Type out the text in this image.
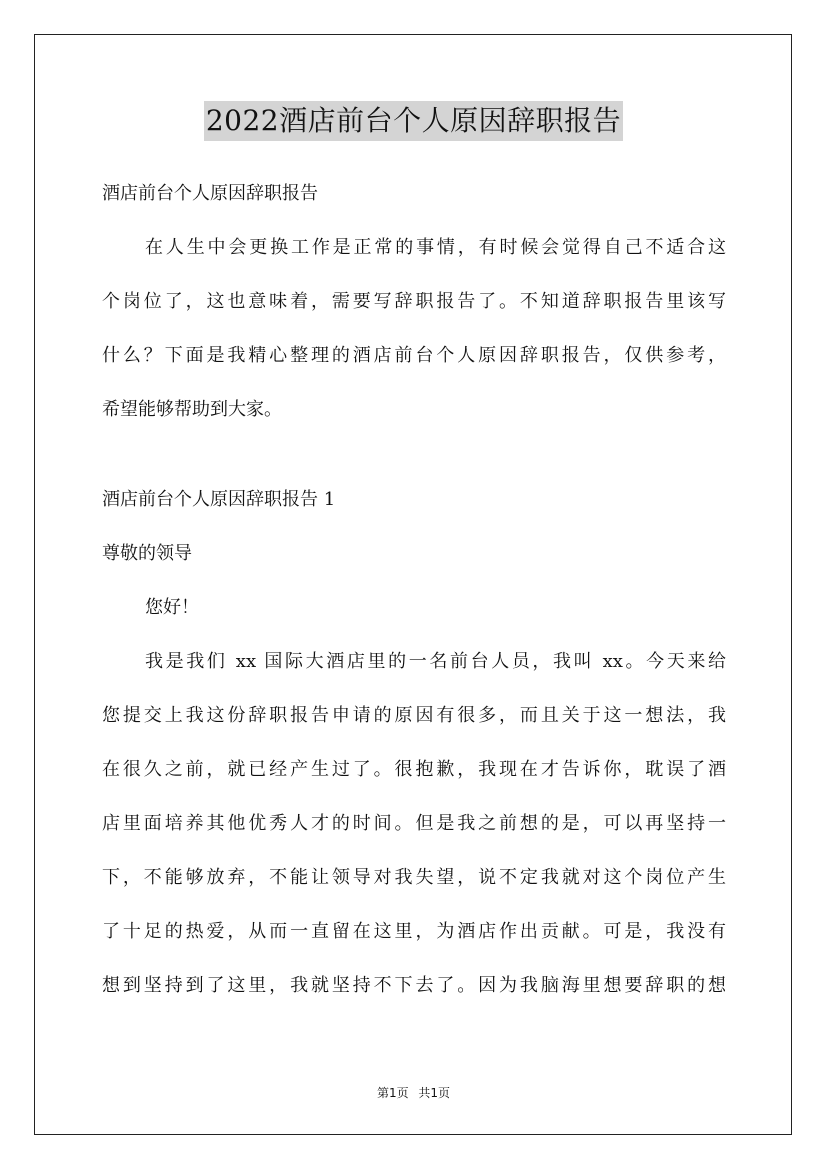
2022酒店前台个人原因辞职报告
酒店前台个人原因辞职报告
在人生中会更换工作是正常的事情，有时候会觉得自己不适合这
个岗位了，这也意味着，需要写辞职报告了。不知道辞职报告里该写
什么？下面是我精心整理的酒店前台个人原因辞职报告，仅供参考，
希望能够帮助到大家。
酒店前台个人原因辞职报告 1
尊敬的领导
您好！
我是我们 xx 国际大酒店里的一名前台人员，我叫 xx。今天来给
您提交上我这份辞职报告申请的原因有很多，而且关于这一想法，我
在很久之前，就已经产生过了。很抱歉，我现在才告诉你，耽误了酒
店里面培养其他优秀人才的时间。但是我之前想的是，可以再坚持一
下，不能够放弃，不能让领导对我失望，说不定我就对这个岗位产生
了十足的热爱，从而一直留在这里，为酒店作出贡献。可是，我没有
想到坚持到了这里，我就坚持不下去了。因为我脑海里想要辞职的想
第1页 共1页
